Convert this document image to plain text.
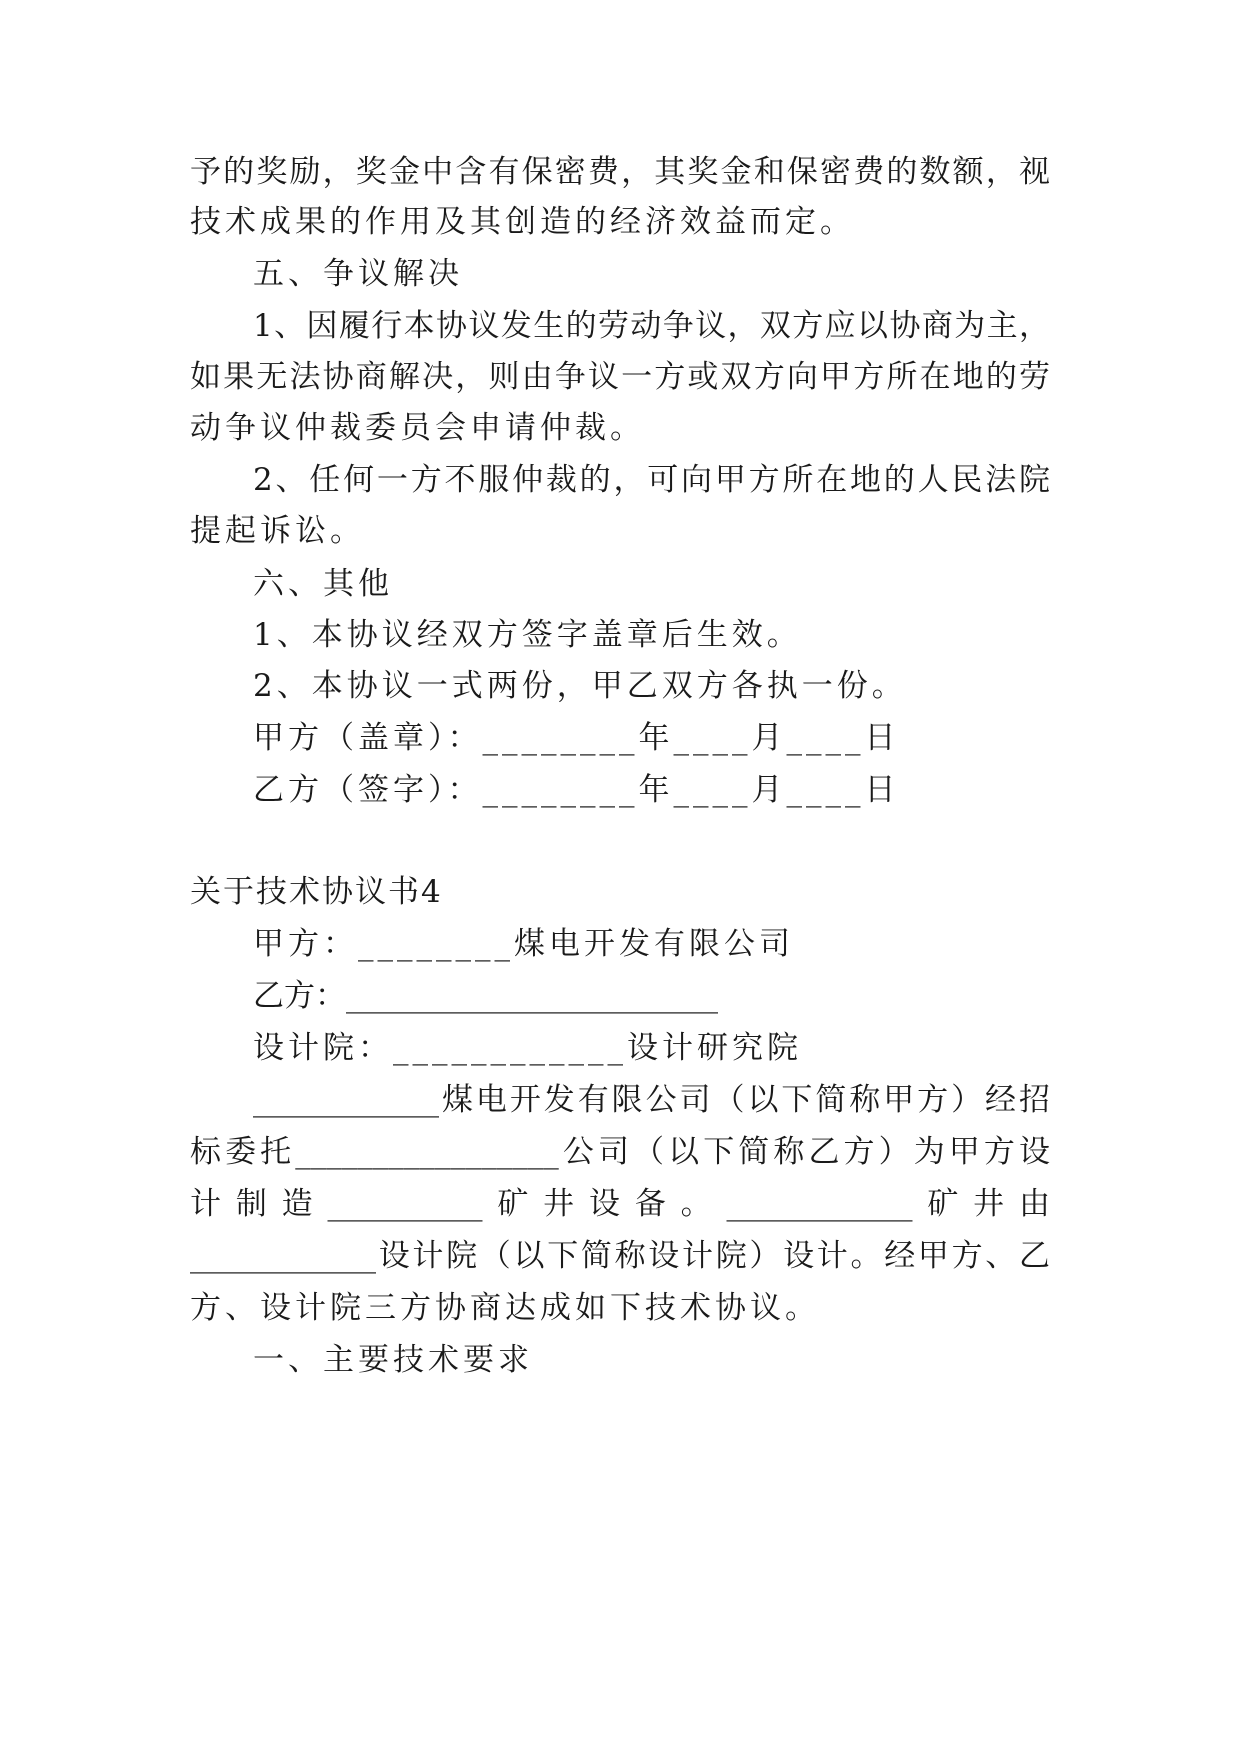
予的奖励，奖金中含有保密费，其奖金和保密费的数额，视
技术成果的作用及其创造的经济效益而定。
五、争议解决
1、因履行本协议发生的劳动争议，双方应以协商为主，
如果无法协商解决，则由争议一方或双方向甲方所在地的劳
动争议仲裁委员会申请仲裁。
2、任何一方不服仲裁的，可向甲方所在地的人民法院
提起诉讼。
六、其他
1、本协议经双方签字盖章后生效。
2、本协议一式两份，甲乙双方各执一份。
甲方（盖章）：________年____月____日
乙方（签字）：________年____月____日
关于技术协议书4
甲方：________煤电开发有限公司
乙方：________________________
设计院：____________设计研究院
____________煤电开发有限公司（以下简称甲方）经招
标委托_________________公司（以下简称乙方）为甲方设
计制造__________矿井设备。____________矿井由
____________设计院（以下简称设计院）设计。经甲方、乙
方、设计院三方协商达成如下技术协议。
一、主要技术要求
